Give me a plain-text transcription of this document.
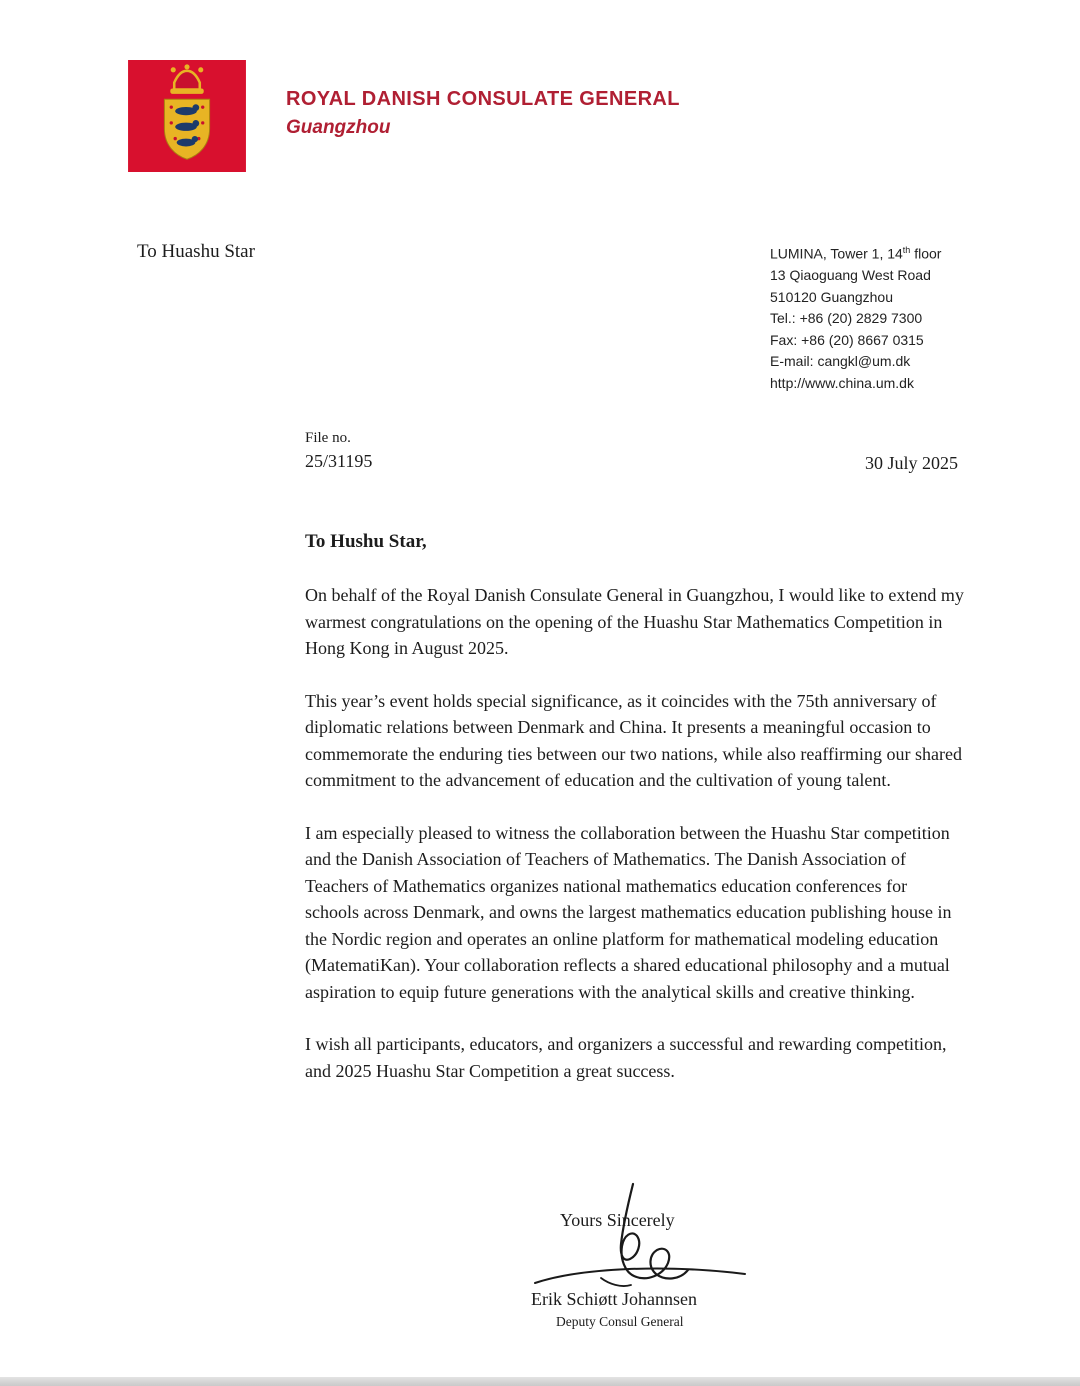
ROYAL DANISH CONSULATE GENERAL
Guangzhou
To Huashu Star	LUMINA, Tower 1, 14th floor
13 Qiaoguang West Road
510120 Guangzhou
Tel.: +86 (20) 2829 7300
Fax: +86 (20) 8667 0315
E-mail: cangkl@um.dk
http://www.china.um.dk
File no.
25/31195	30 July 2025
To Hushu Star,

On behalf of the Royal Danish Consulate General in Guangzhou, I would like to extend my warmest congratulations on the opening of the Huashu Star Mathematics Competition in Hong Kong in August 2025.

This year’s event holds special significance, as it coincides with the 75th anniversary of diplomatic relations between Denmark and China. It presents a meaningful occasion to commemorate the enduring ties between our two nations, while also reaffirming our shared commitment to the advancement of education and the cultivation of young talent.

I am especially pleased to witness the collaboration between the Huashu Star competition and the Danish Association of Teachers of Mathematics. The Danish Association of Teachers of Mathematics organizes national mathematics education conferences for schools across Denmark, and owns the largest mathematics education publishing house in the Nordic region and operates an online platform for mathematical modeling education (MatematiKan). Your collaboration reflects a shared educational philosophy and a mutual aspiration to equip future generations with the analytical skills and creative thinking.

I wish all participants, educators, and organizers a successful and rewarding competition, and 2025 Huashu Star Competition a great success.

Yours Sincerely
Erik Schiøtt Johannsen
Deputy Consul General
